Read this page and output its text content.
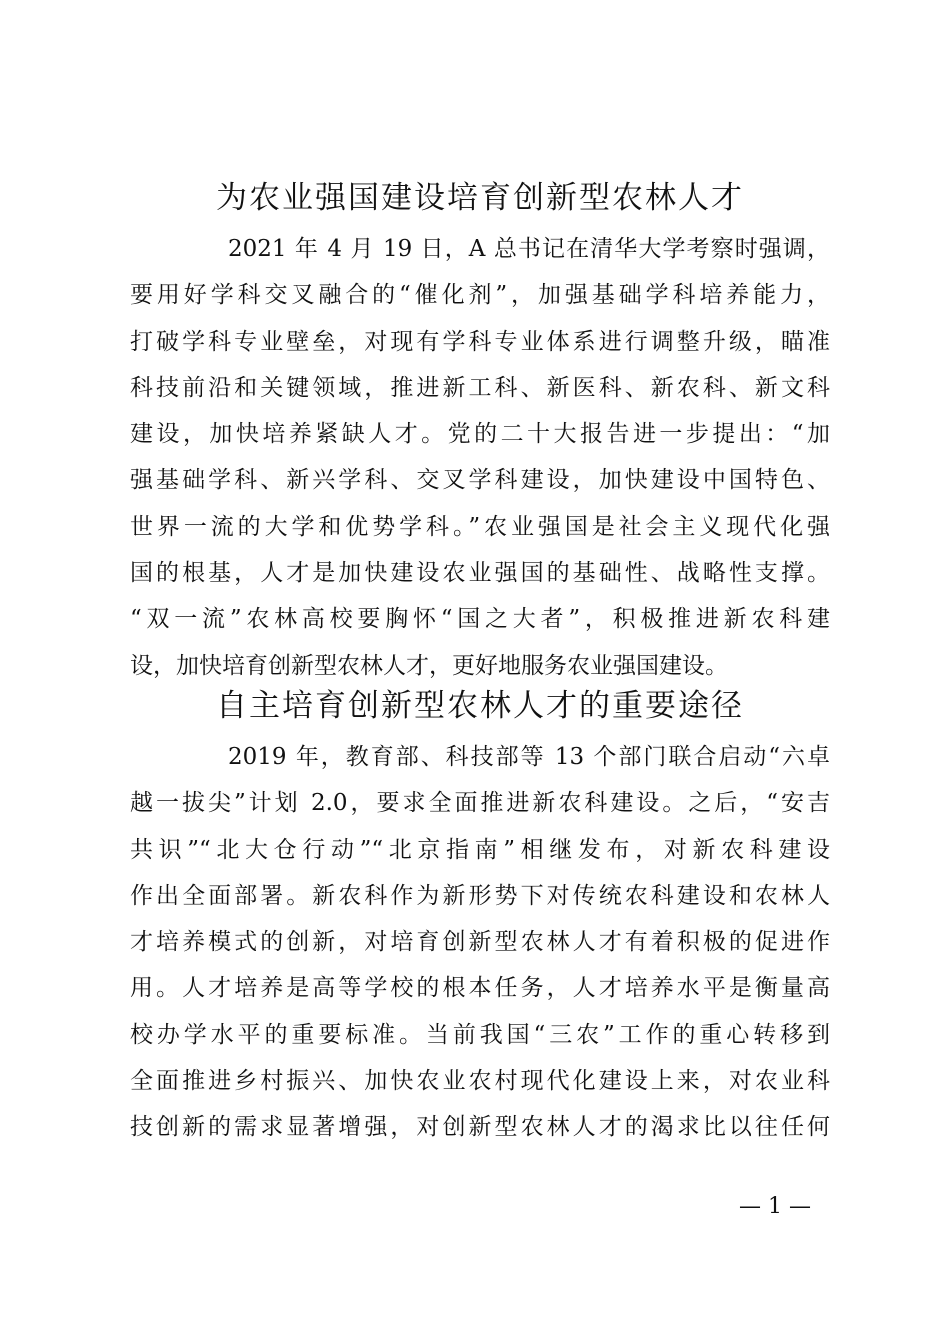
为农业强国建设培育创新型农林人才
2021 年 4 月 19 日，A 总书记在清华大学考察时强调，
要用好学科交叉融合的“催化剂”，加强基础学科培养能力，
打破学科专业壁垒，对现有学科专业体系进行调整升级，瞄准
科技前沿和关键领域，推进新工科、新医科、新农科、新文科
建设，加快培养紧缺人才。党的二十大报告进一步提出：“加
强基础学科、新兴学科、交叉学科建设，加快建设中国特色、
世界一流的大学和优势学科。”农业强国是社会主义现代化强
国的根基，人才是加快建设农业强国的基础性、战略性支撑。
“双一流”农林高校要胸怀“国之大者”，积极推进新农科建
设，加快培育创新型农林人才，更好地服务农业强国建设。
自主培育创新型农林人才的重要途径
2019 年，教育部、科技部等 13 个部门联合启动“六卓
越一拔尖”计划 2.0，要求全面推进新农科建设。之后，“安吉
共识”“北大仓行动”“北京指南”相继发布，对新农科建设
作出全面部署。新农科作为新形势下对传统农科建设和农林人
才培养模式的创新，对培育创新型农林人才有着积极的促进作
用。人才培养是高等学校的根本任务，人才培养水平是衡量高
校办学水平的重要标准。当前我国“三农”工作的重心转移到
全面推进乡村振兴、加快农业农村现代化建设上来，对农业科
技创新的需求显著增强，对创新型农林人才的渴求比以往任何
— 1 —
